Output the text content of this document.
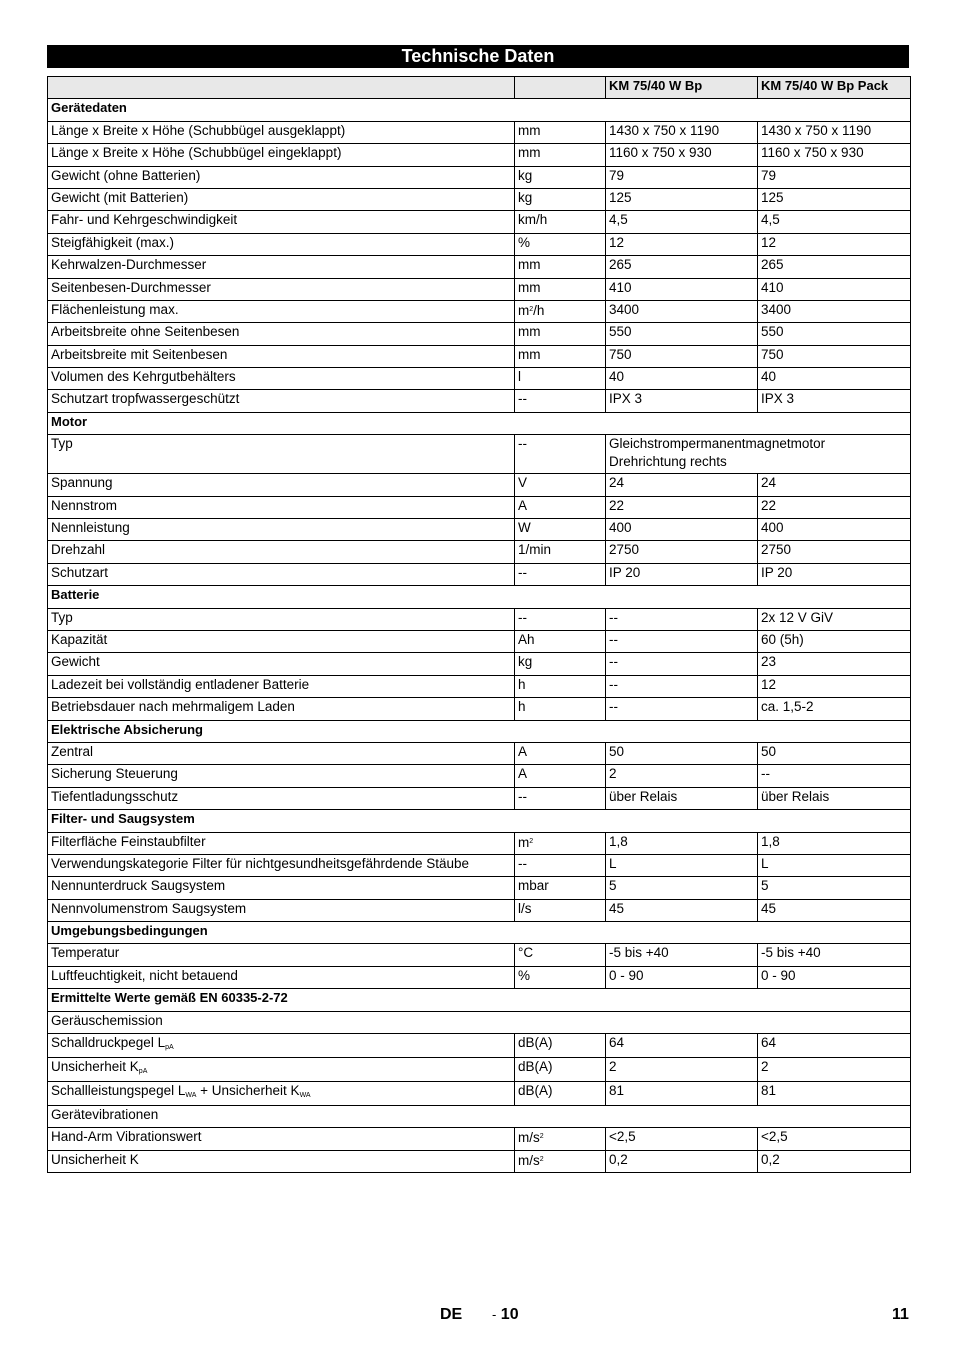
Technische Daten
		KM 75/40 W Bp	KM 75/40 W Bp Pack
Gerätedaten			
Länge x Breite x Höhe (Schubbügel ausgeklappt)	mm	1430 x 750 x 1190	1430 x 750 x 1190
Länge x Breite x Höhe (Schubbügel eingeklappt)	mm	1160 x 750 x 930	1160 x 750 x 930
Gewicht (ohne Batterien)	kg	79	79
Gewicht (mit Batterien)	kg	125	125
Fahr- und Kehrgeschwindigkeit	km/h	4,5	4,5
Steigfähigkeit (max.)	%	12	12
Kehrwalzen-Durchmesser	mm	265	265
Seitenbesen-Durchmesser	mm	410	410
Flächenleistung max.	$m^2/h$	3400	3400
Arbeitsbreite ohne Seitenbesen	mm	550	550
Arbeitsbreite mit Seitenbesen	mm	750	750
Volumen des Kehrgutbehälters	l	40	40
Schutzart tropfwassergeschützt	--	IPX 3	IPX 3
Motor			
Typ	--	Gleichstrompermanentmagnetmotor
Drehrichtung rechts	

Spannung	V	24	24
Nennstrom	A	22	22
Nennleistung	W	400	400
Drehzahl	1/min	2750	2750
Schutzart	--	IP 20	IP 20
Batterie			
Typ	--	--	2x 12 V GiV
Kapazität	Ah	--	60 (5h)
Gewicht	kg	--	23
Ladezeit bei vollständig entladener Batterie	h	--	12
Betriebsdauer nach mehrmaligem Laden	h	--	ca. 1,5-2
Elektrische Absicherung			
Zentral	A	50	50
Sicherung Steuerung	A	2	--
Tiefentladungsschutz	--	über Relais	über Relais
Filter- und Saugsystem			
Filterfläche Feinstaubfilter	$m^2$	1,8	1,8
Verwendungskategorie Filter für nichtgesundheitsgefährdende Stäube	--	L	L
Nennunterdruck Saugsystem	mbar	5	5
Nennvolumenstrom Saugsystem	l/s	45	45
Umgebungsbedingungen			
Temperatur	°C	-5 bis +40	-5 bis +40
Luftfeuchtigkeit, nicht betauend	%	0 - 90	0 - 90
Ermittelte Werte gemäß EN 60335-2-72			
Geräuschemission			
Schalldruckpegel $L_{pA}$	dB(A)	64	64
Unsicherheit $K_{pA}$	dB(A)	2	2
Schallleistungspegel $L_{WA}$ + Unsicherheit $K_{WA}$	dB(A)	81	81
Gerätevibrationen			
Hand-Arm Vibrationswert	$m/s^2$	<2,5	<2,5
Unsicherheit K	$m/s^2$	0,2	0,2
DE - 10	11
